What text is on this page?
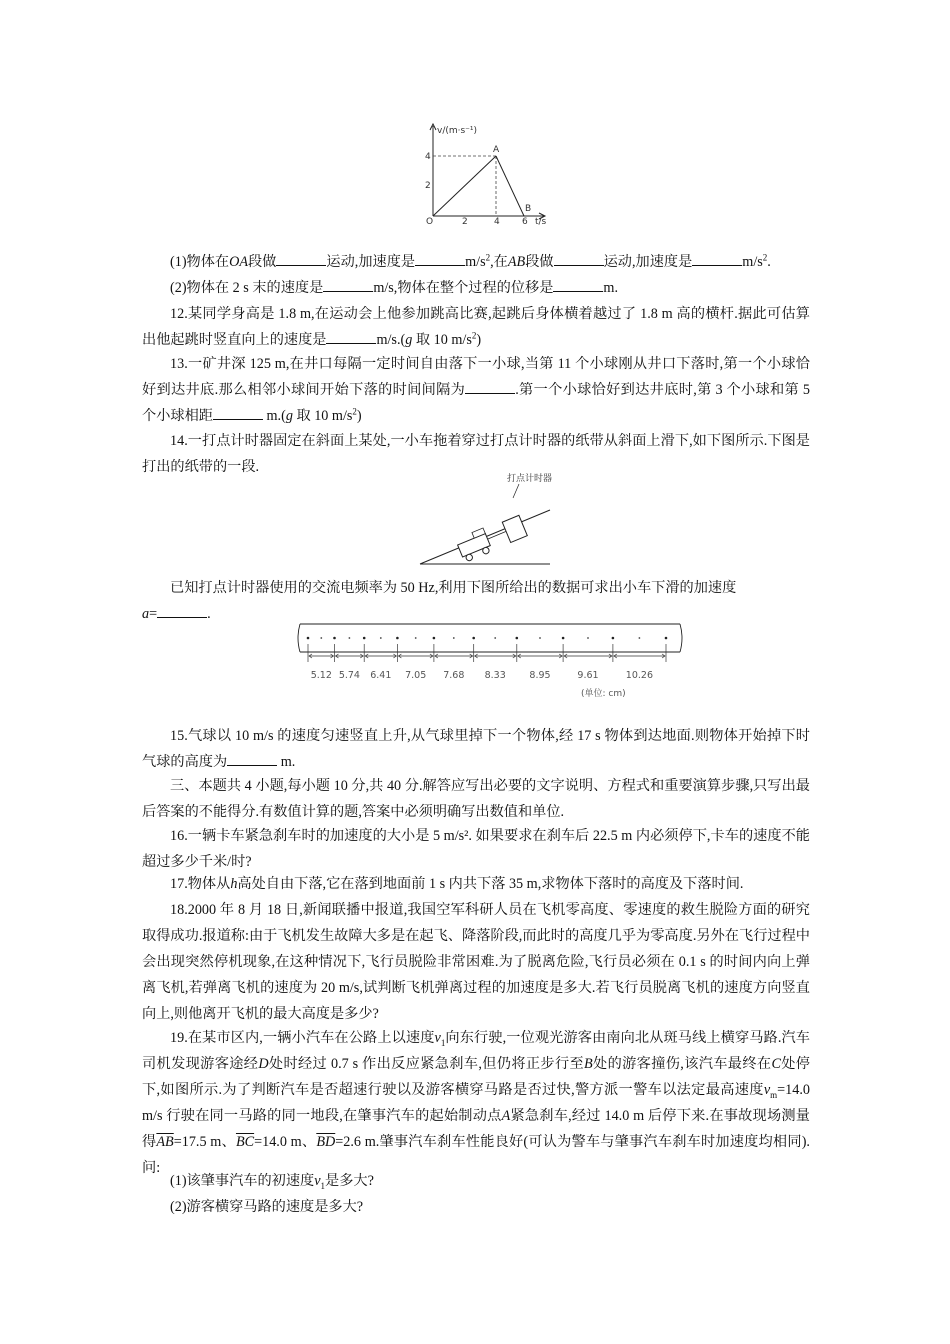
v/(m·s⁻¹)
4
2
O	2	4 6 t/s
A
B
(1)物体在OA段做	运动,加速度是	$m/s^2$,在AB段做	运动,加速度是	$m/s^2$.
(2)物体在 2 s 末的速度是	m/s,物体在整个过程的位移是	m.
12.某同学身高是 1.8 m,在运动会上他参加跳高比赛,起跳后身体横着越过了 1.8 m 高的横杆.据此可估算出他起跳时竖直向上的速度是	m/s.(g 取 10 $m/s^2$)
13.一矿井深 125 m,在井口每隔一定时间自由落下一小球,当第 11 个小球刚从井口下落时,第一个小球恰好到达井底.那么相邻小球间开始下落的时间间隔为	.第一个小球恰好到达井底时,第 3 个小球和第 5 个小球相距	m.(g 取 10 $m/s^2$)
14.一打点计时器固定在斜面上某处,一小车拖着穿过打点计时器的纸带从斜面上滑下,如下图所示.下图是打出的纸带的一段.
打点计时器
已知打点计时器使用的交流电频率为 50 Hz,利用下图所给出的数据可求出小车下滑的加速度
a=	.
5.12 5.74 6.41 7.05 7.68 8.33 8.95	9.61	10.26
(单位: cm)
15.气球以 10 m/s 的速度匀速竖直上升,从气球里掉下一个物体,经 17 s 物体到达地面.则物体开始掉下时气球的高度为	m.
三、本题共 4 小题,每小题 10 分,共 40 分.解答应写出必要的文字说明、方程式和重要演算步骤,只写出最后答案的不能得分.有数值计算的题,答案中必须明确写出数值和单位.
16.一辆卡车紧急刹车时的加速度的大小是 5 m/s². 如果要求在刹车后 22.5 m 内必须停下,卡车的速度不能超过多少千米/时?
17.物体从h高处自由下落,它在落到地面前 1 s 内共下落 35 m,求物体下落时的高度及下落时间.
18.2000 年 8 月 18 日,新闻联播中报道,我国空军科研人员在飞机零高度、零速度的救生脱险方面的研究取得成功.报道称:由于飞机发生故障大多是在起飞、降落阶段,而此时的高度几乎为零高度.另外在飞行过程中会出现突然停机现象,在这种情况下,飞行员脱险非常困难.为了脱离危险,飞行员必须在 0.1 s 的时间内向上弹离飞机,若弹离飞机的速度为 20 m/s,试判断飞机弹离过程的加速度是多大.若飞行员脱离飞机的速度方向竖直向上,则他离开飞机的最大高度是多少?
19.在某市区内,一辆小汽车在公路上以速度$v_1$向东行驶,一位观光游客由南向北从斑马线上横穿马路.汽车司机发现游客途经D处时经过 0.7 s 作出反应紧急刹车,但仍将正步行至B处的游客撞伤,该汽车最终在C处停下,如图所示.为了判断汽车是否超速行驶以及游客横穿马路是否过快,警方派一警车以法定最高速度$v_m=14.0$ m/s 行驶在同一马路的同一地段,在肇事汽车的起始制动点A紧急刹车,经过 14.0 m 后停下来.在事故现场测量得$\overline{AB}=17.5$ m、$\overline{BC}=14.0$ m、$\overline{BD}=2.6$ m.肇事汽车刹车性能良好(可认为警车与肇事汽车刹车时加速度均相同).问:
(1)该肇事汽车的初速度$v_1$是多大?
(2)游客横穿马路的速度是多大?
